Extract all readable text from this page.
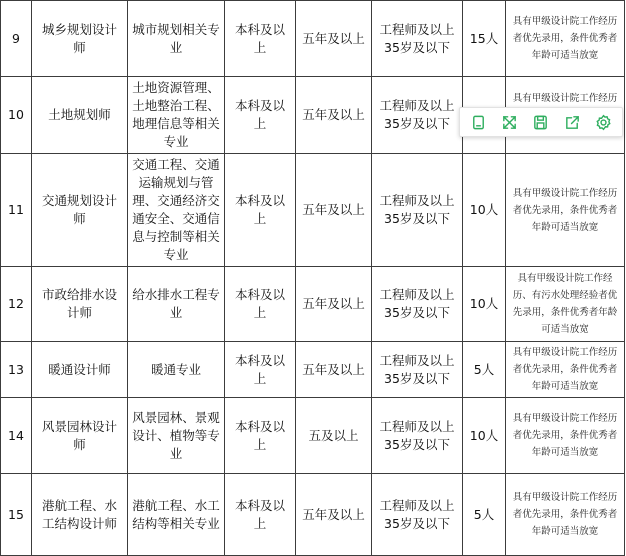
9	城乡规划设计师	城市规划相关专业	本科及以上	五年及以上	工程师及以上35岁及以下	15人	具有甲级设计院工作经历者优先录用，条件优秀者年龄可适当放宽
10	土地规划师	土地资源管理、土地整治工程、地理信息等相关专业	本科及以上	五年及以上	工程师及以上35岁及以下		具有甲级设计院工作经历
11	交通规划设计师	交通工程、交通运输规划与管理、交通经济交通安全、交通信息与控制等相关专业	本科及以上	五年及以上	工程师及以上35岁及以下	10人	具有甲级设计院工作经历者优先录用，条件优秀者年龄可适当放宽
12	市政给排水设计师	给水排水工程专业	本科及以上	五年及以上	工程师及以上35岁及以下	10人	具有甲级设计院工作经历、有污水处理经验者优先录用，条件优秀者年龄可适当放宽
13	暖通设计师	暖通专业	本科及以上	五年及以上	工程师及以上35岁及以下	5人	具有甲级设计院工作经历者优先录用，条件优秀者年龄可适当放宽
14	风景园林设计师	风景园林、景观设计、植物等专业	本科及以上	五及以上	工程师及以上35岁及以下	10人	具有甲级设计院工作经历者优先录用，条件优秀者年龄可适当放宽
15	港航工程、水工结构设计师	港航工程、水工结构等相关专业	本科及以上	五年及以上	工程师及以上35岁及以下	5人	具有甲级设计院工作经历者优先录用，条件优秀者年龄可适当放宽
